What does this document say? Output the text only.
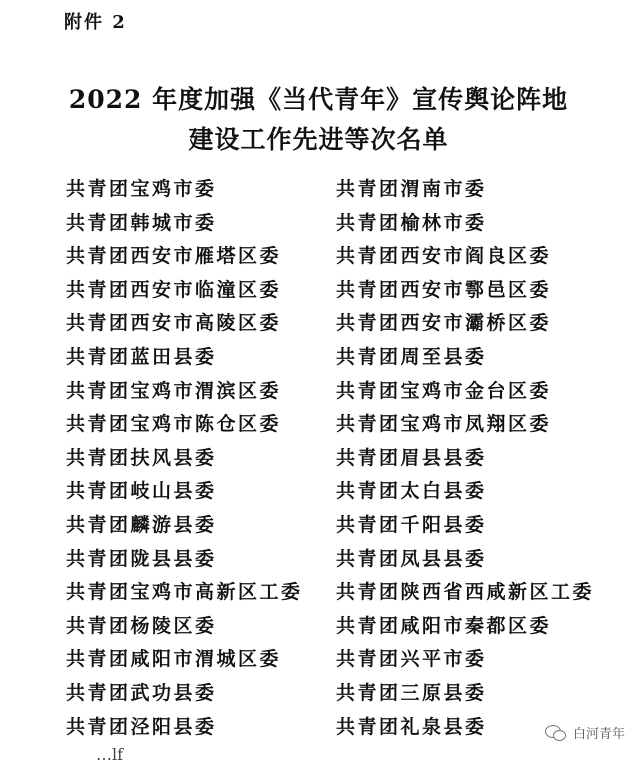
附件 2
2022 年度加强《当代青年》宣传舆论阵地
建设工作先进等次名单
共青团宝鸡市委
共青团韩城市委
共青团西安市雁塔区委
共青团西安市临潼区委
共青团西安市高陵区委
共青团蓝田县委
共青团宝鸡市渭滨区委
共青团宝鸡市陈仓区委
共青团扶风县委
共青团岐山县委
共青团麟游县委
共青团陇县县委
共青团宝鸡市高新区工委
共青团杨陵区委
共青团咸阳市渭城区委
共青团武功县委
共青团泾阳县委
共青团渭南市委
共青团榆林市委
共青团西安市阎良区委
共青团西安市鄠邑区委
共青团西安市灞桥区委
共青团周至县委
共青团宝鸡市金台区委
共青团宝鸡市凤翔区委
共青团眉县县委
共青团太白县委
共青团千阳县委
共青团凤县县委
共青团陕西省西咸新区工委
共青团咸阳市秦都区委
共青团兴平市委
共青团三原县委
共青团礼泉县委	白河青年
…lf
